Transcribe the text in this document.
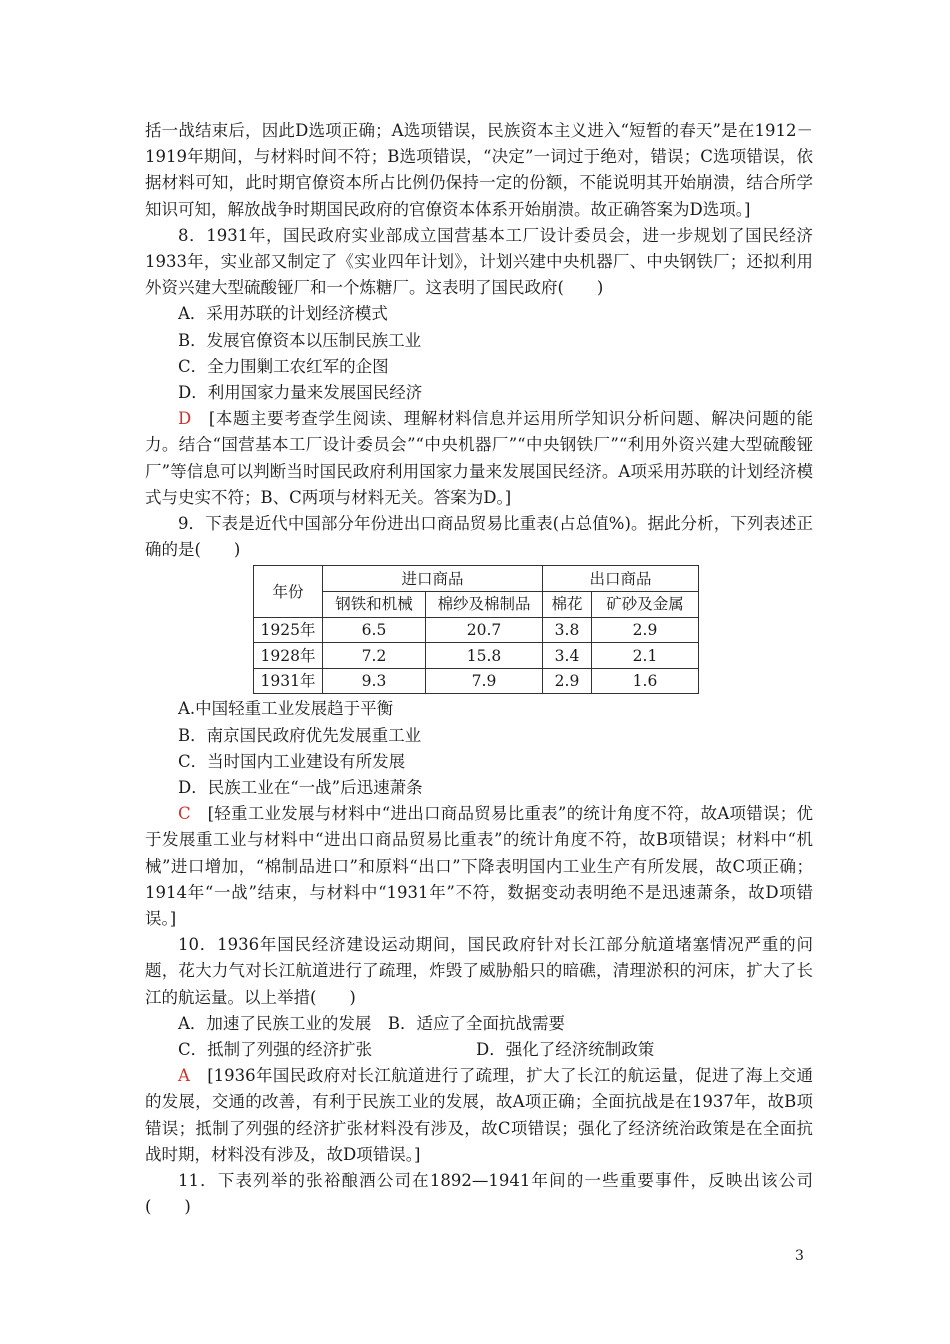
括一战结束后，因此D选项正确；A选项错误，民族资本主义进入“短暂的春天”是在1912－1919年期间，与材料时间不符；B选项错误，“决定”一词过于绝对，错误；C选项错误，依据材料可知，此时期官僚资本所占比例仍保持一定的份额，不能说明其开始崩溃，结合所学知识可知，解放战争时期国民政府的官僚资本体系开始崩溃。故正确答案为D选项。]

8．1931年，国民政府实业部成立国营基本工厂设计委员会，进一步规划了国民经济1933年，实业部又制定了《实业四年计划》，计划兴建中央机器厂、中央钢铁厂；还拟利用外资兴建大型硫酸铔厂和一个炼糖厂。这表明了国民政府(　　)

A．采用苏联的计划经济模式

B．发展官僚资本以压制民族工业

C．全力围剿工农红军的企图

D．利用国家力量来发展国民经济

D　[本题主要考查学生阅读、理解材料信息并运用所学知识分析问题、解决问题的能力。结合“国营基本工厂设计委员会”“中央机器厂”“中央钢铁厂”“利用外资兴建大型硫酸铔厂”等信息可以判断当时国民政府利用国家力量来发展国民经济。A项采用苏联的计划经济模式与史实不符；B、C两项与材料无关。答案为D。]

9．下表是近代中国部分年份进出口商品贸易比重表(占总值%)。据此分析，下列表述正确的是(　　)

年份	进口商品		出口商品	
	钢铁和机械	棉纱及棉制品	棉花	矿砂及金属
1925年	6.5	20.7	3.8	2.9
1928年	7.2	15.8	3.4	2.1
1931年	9.3	7.9	2.9	1.6

A.中国轻重工业发展趋于平衡

B．南京国民政府优先发展重工业

C．当时国内工业建设有所发展

D．民族工业在“一战”后迅速萧条

C　[轻重工业发展与材料中“进出口商品贸易比重表”的统计角度不符，故A项错误；优于发展重工业与材料中“进出口商品贸易比重表”的统计角度不符，故B项错误；材料中“机械”进口增加，“棉制品进口”和原料“出口”下降表明国内工业生产有所发展，故C项正确；1914年“一战”结束，与材料中“1931年”不符，数据变动表明绝不是迅速萧条，故D项错误。]

10．1936年国民经济建设运动期间，国民政府针对长江部分航道堵塞情况严重的问题，花大力气对长江航道进行了疏理，炸毁了威胁船只的暗礁，清理淤积的河床，扩大了长江的航运量。以上举措(　　)

A．加速了民族工业的发展　B．适应了全面抗战需要

C．抵制了列强的经济扩张	D．强化了经济统制政策

A　[1936年国民政府对长江航道进行了疏理，扩大了长江的航运量，促进了海上交通的发展，交通的改善，有利于民族工业的发展，故A项正确；全面抗战是在1937年，故B项错误；抵制了列强的经济扩张材料没有涉及，故C项错误；强化了经济统治政策是在全面抗战时期，材料没有涉及，故D项错误。]

11．下表列举的张裕酿酒公司在1892—1941年间的一些重要事件，反映出该公司(　　)

3
